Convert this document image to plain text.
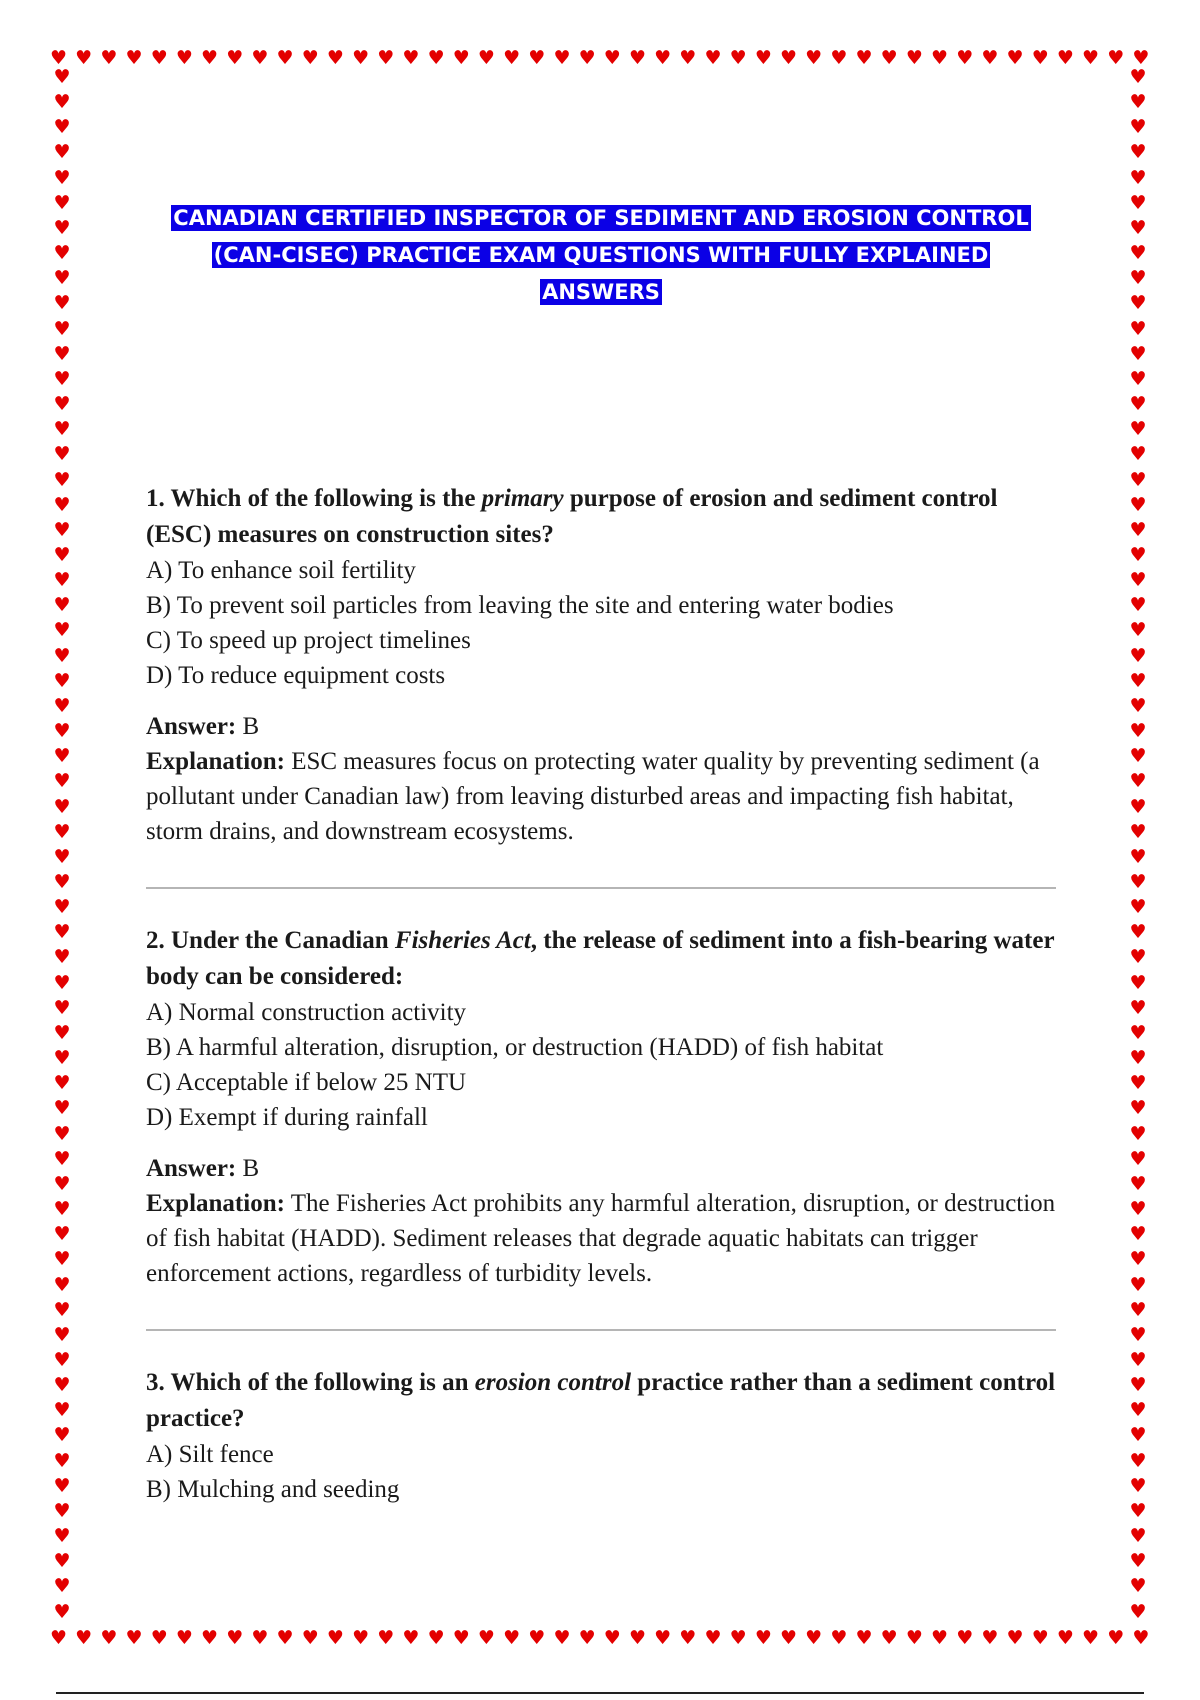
♥ ♥ ♥ ♥ ♥ ♥ ♥ ♥ ♥ ♥ ♥ ♥ ♥ ♥ ♥ ♥ ♥ ♥ ♥ ♥ ♥ ♥ ♥ ♥ ♥ ♥ ♥ ♥ ♥ ♥ ♥ ♥ ♥ ♥ ♥ ♥ ♥ ♥ ♥ ♥ ♥ ♥ ♥ ♥
♥ ♥ ♥ ♥ ♥ ♥ ♥ ♥ ♥ ♥ ♥ ♥ ♥ ♥ ♥ ♥ ♥ ♥ ♥ ♥ ♥ ♥ ♥ ♥ ♥ ♥ ♥ ♥ ♥ ♥ ♥ ♥ ♥ ♥ ♥ ♥ ♥ ♥ ♥ ♥ ♥ ♥ ♥ ♥
♥
♥
♥
♥
♥
♥
♥
♥
♥
♥
♥
♥
♥
♥
♥
♥
♥
♥
♥
♥
♥
♥
♥
♥
♥
♥
♥
♥
♥
♥
♥
♥
♥
♥
♥
♥
♥
♥
♥
♥
♥
♥
♥
♥
♥
♥
♥
♥
♥
♥
♥
♥
♥
♥
♥
♥
♥
♥
♥
♥
♥
♥
♥
♥
♥
♥
♥
♥
♥
♥
♥
♥
♥
♥
♥
♥
♥
♥
♥
♥
♥
♥
♥
♥
♥
♥
♥
♥
♥
♥
♥
♥
♥
♥
♥
♥
♥
♥
♥
♥
♥
♥
♥
♥
♥
♥
♥
♥
♥
♥
♥
♥
♥
♥
♥
♥
♥
♥
♥
♥
♥
♥
♥
♥
CANADIAN CERTIFIED INSPECTOR OF SEDIMENT AND EROSION CONTROL
(CAN-CISEC) PRACTICE EXAM QUESTIONS WITH FULLY EXPLAINED
ANSWERS

1. Which of the following is the primary purpose of erosion and sediment control (ESC) measures on construction sites?

A) To enhance soil fertility

B) To prevent soil particles from leaving the site and entering water bodies

C) To speed up project timelines

D) To reduce equipment costs

Answer: B

Explanation: ESC measures focus on protecting water quality by preventing sediment (a pollutant under Canadian law) from leaving disturbed areas and impacting fish habitat, storm drains, and downstream ecosystems.

2. Under the Canadian Fisheries Act, the release of sediment into a fish-bearing water body can be considered:

A) Normal construction activity

B) A harmful alteration, disruption, or destruction (HADD) of fish habitat

C) Acceptable if below 25 NTU

D) Exempt if during rainfall

Answer: B

Explanation: The Fisheries Act prohibits any harmful alteration, disruption, or destruction of fish habitat (HADD). Sediment releases that degrade aquatic habitats can trigger enforcement actions, regardless of turbidity levels.

3. Which of the following is an erosion control practice rather than a sediment control practice?

A) Silt fence

B) Mulching and seeding
